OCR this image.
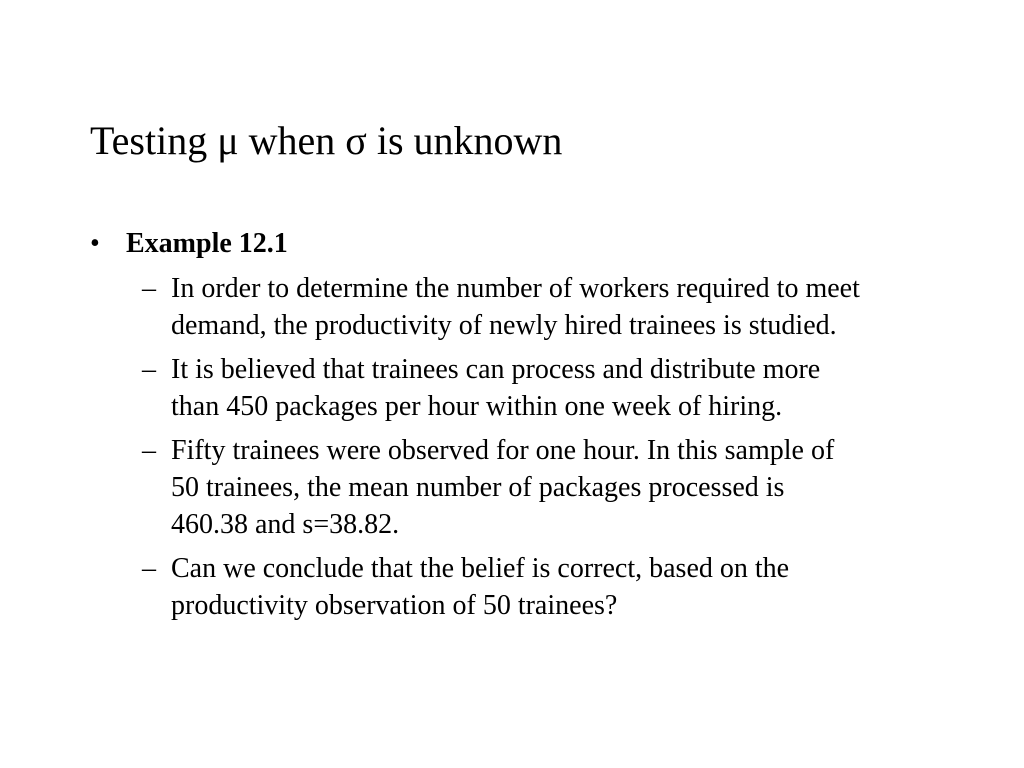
Testing μ when σ is unknown
• Example 12.1
– In order to determine the number of workers required to meet demand, the productivity of newly hired trainees is studied.
– It is believed that trainees can process and distribute more than 450 packages per hour within one week of hiring.
– Fifty trainees were observed for one hour. In this sample of 50 trainees, the mean number of packages processed is 460.38 and s=38.82.
– Can we conclude that the belief is correct, based on the productivity observation of 50 trainees?
